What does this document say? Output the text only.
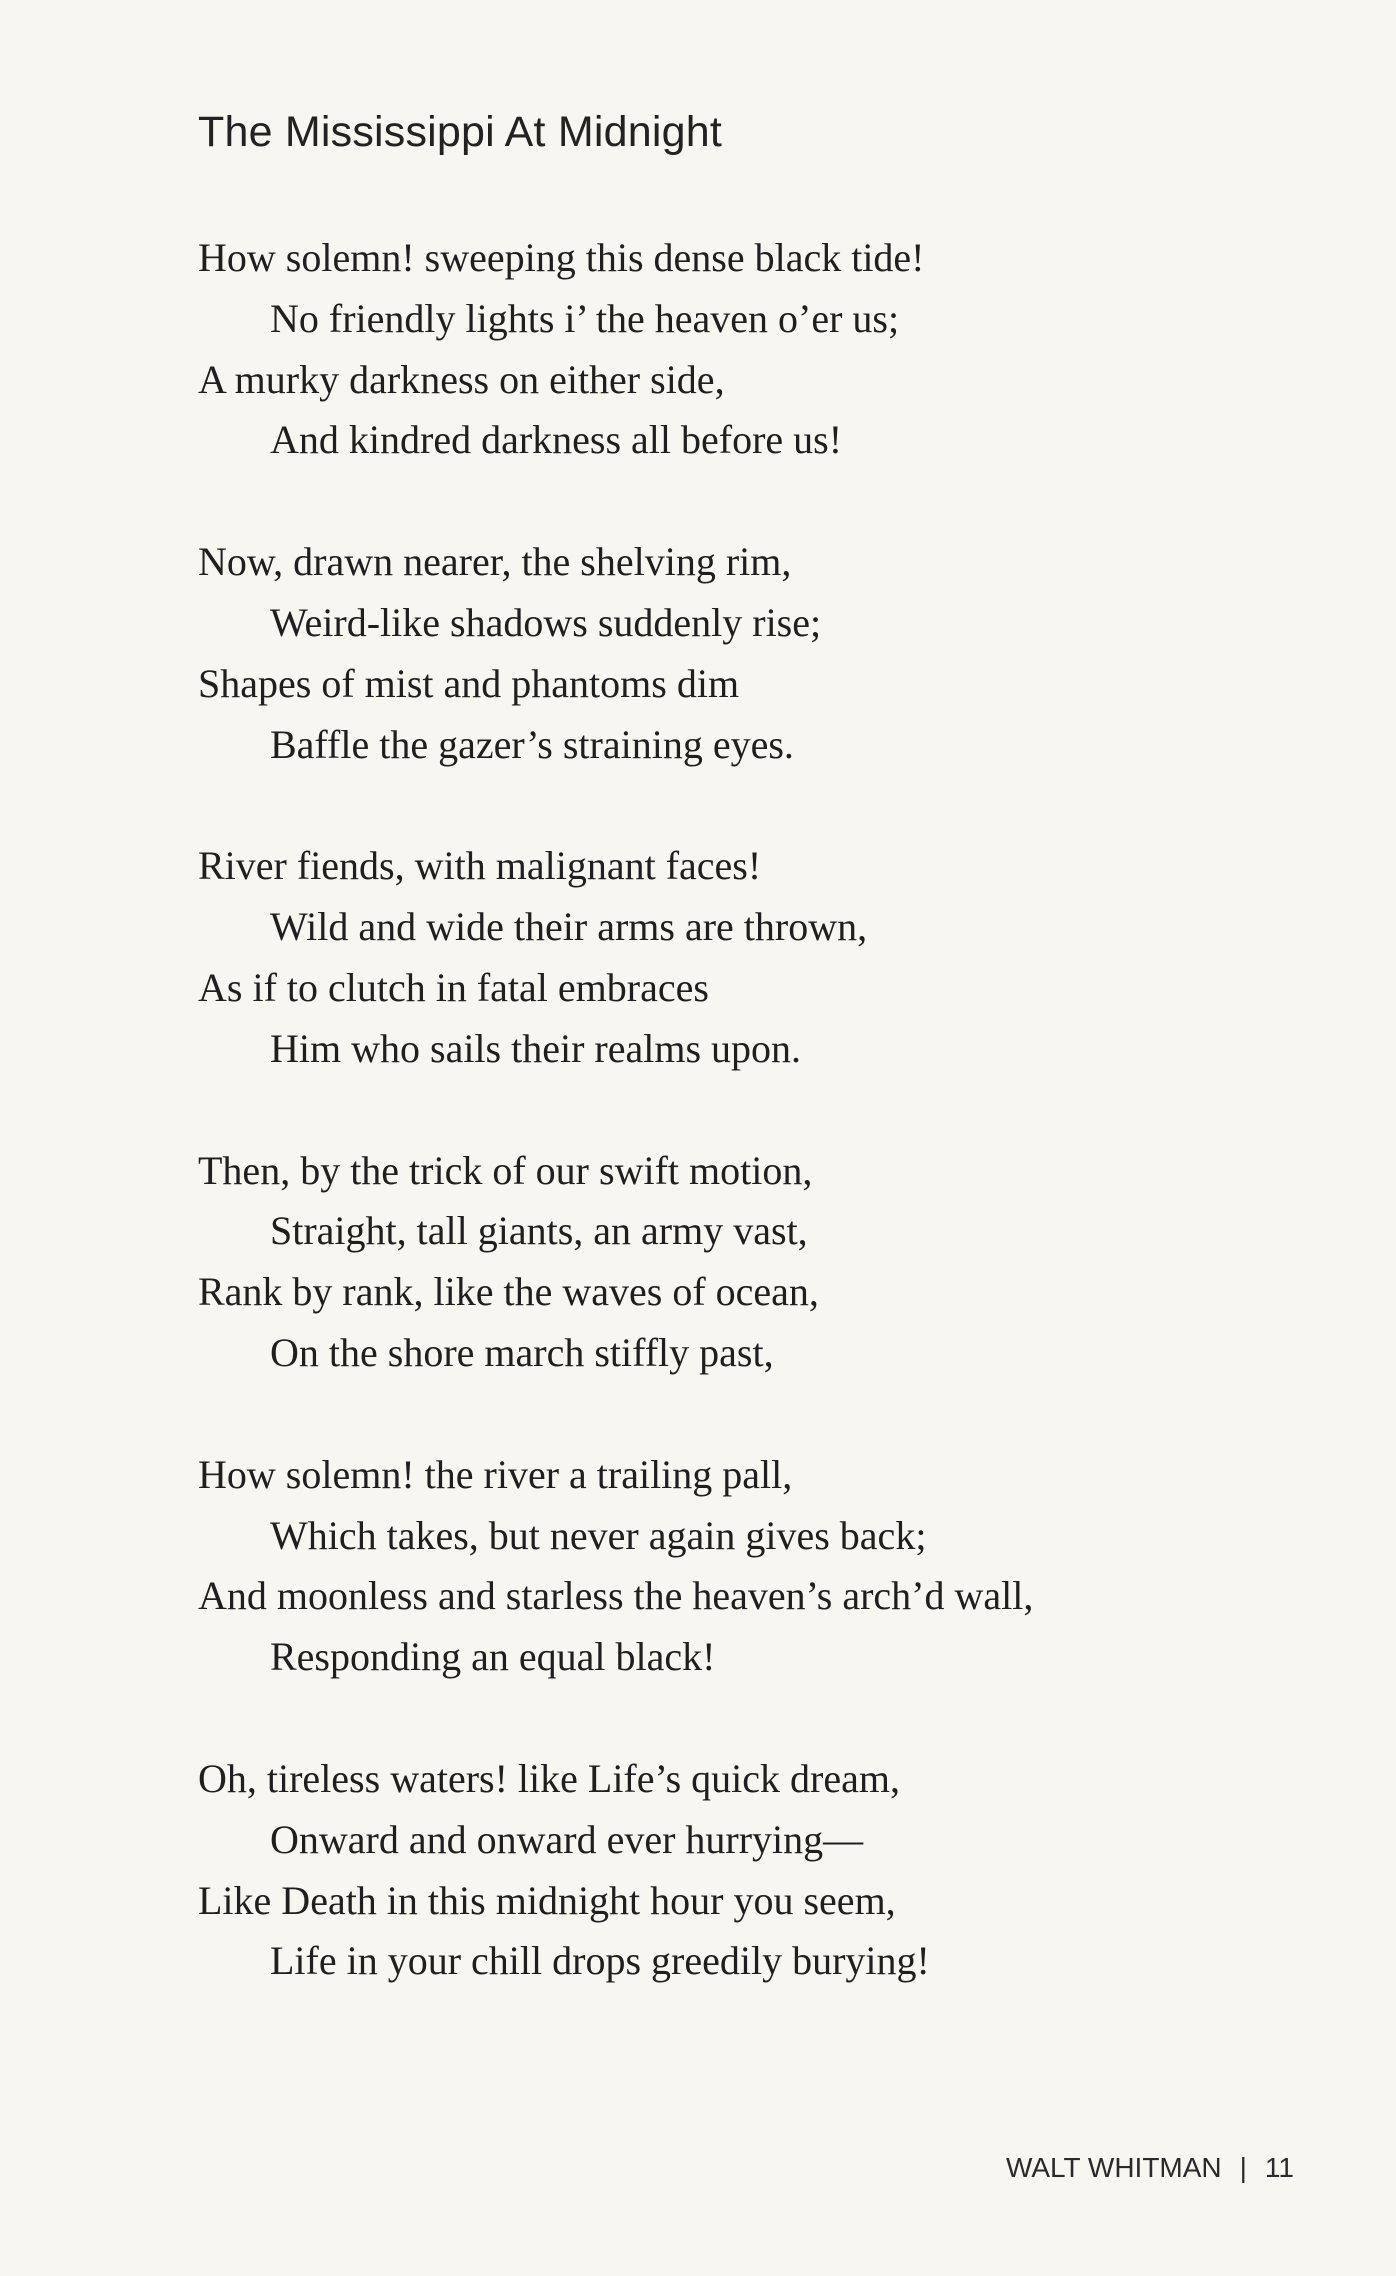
The Mississippi At Midnight
How solemn! sweeping this dense black tide!
No friendly lights i’ the heaven o’er us;
A murky darkness on either side,
And kindred darkness all before us!
Now, drawn nearer, the shelving rim,
Weird-like shadows suddenly rise;
Shapes of mist and phantoms dim
Baffle the gazer’s straining eyes.
River fiends, with malignant faces!
Wild and wide their arms are thrown,
As if to clutch in fatal embraces
Him who sails their realms upon.
Then, by the trick of our swift motion,
Straight, tall giants, an army vast,
Rank by rank, like the waves of ocean,
On the shore march stiffly past,
How solemn! the river a trailing pall,
Which takes, but never again gives back;
And moonless and starless the heaven’s arch’d wall,
Responding an equal black!
Oh, tireless waters! like Life’s quick dream,
Onward and onward ever hurrying—
Like Death in this midnight hour you seem,
Life in your chill drops greedily burying!
WALT WHITMAN | 11
